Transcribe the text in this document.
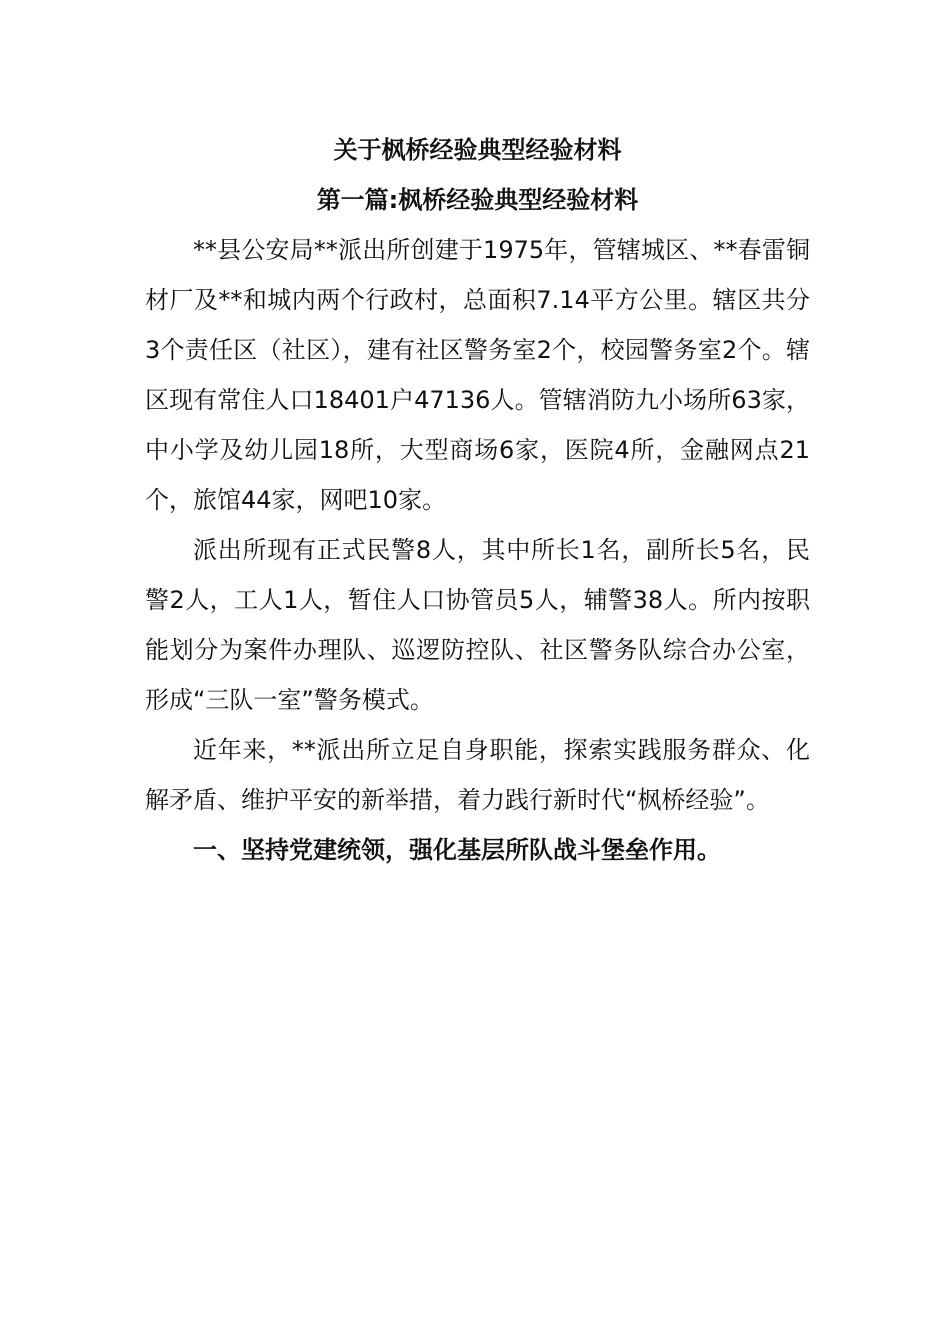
关于枫桥经验典型经验材料
第一篇:枫桥经验典型经验材料

**县公安局**派出所创建于1975年，管辖城区、**春雷铜材厂及**和城内两个行政村，总面积7.14平方公里。辖区共分3个责任区（社区），建有社区警务室2个，校园警务室2个。辖区现有常住人口18401户47136人。管辖消防九小场所63家，中小学及幼儿园18所，大型商场6家，医院4所，金融网点21个，旅馆44家，网吧10家。

派出所现有正式民警8人，其中所长1名，副所长5名，民警2人，工人1人，暂住人口协管员5人，辅警38人。所内按职能划分为案件办理队、巡逻防控队、社区警务队综合办公室，形成“三队一室”警务模式。

近年来，**派出所立足自身职能，探索实践服务群众、化解矛盾、维护平安的新举措，着力践行新时代“枫桥经验”。

一、坚持党建统领，强化基层所队战斗堡垒作用。
